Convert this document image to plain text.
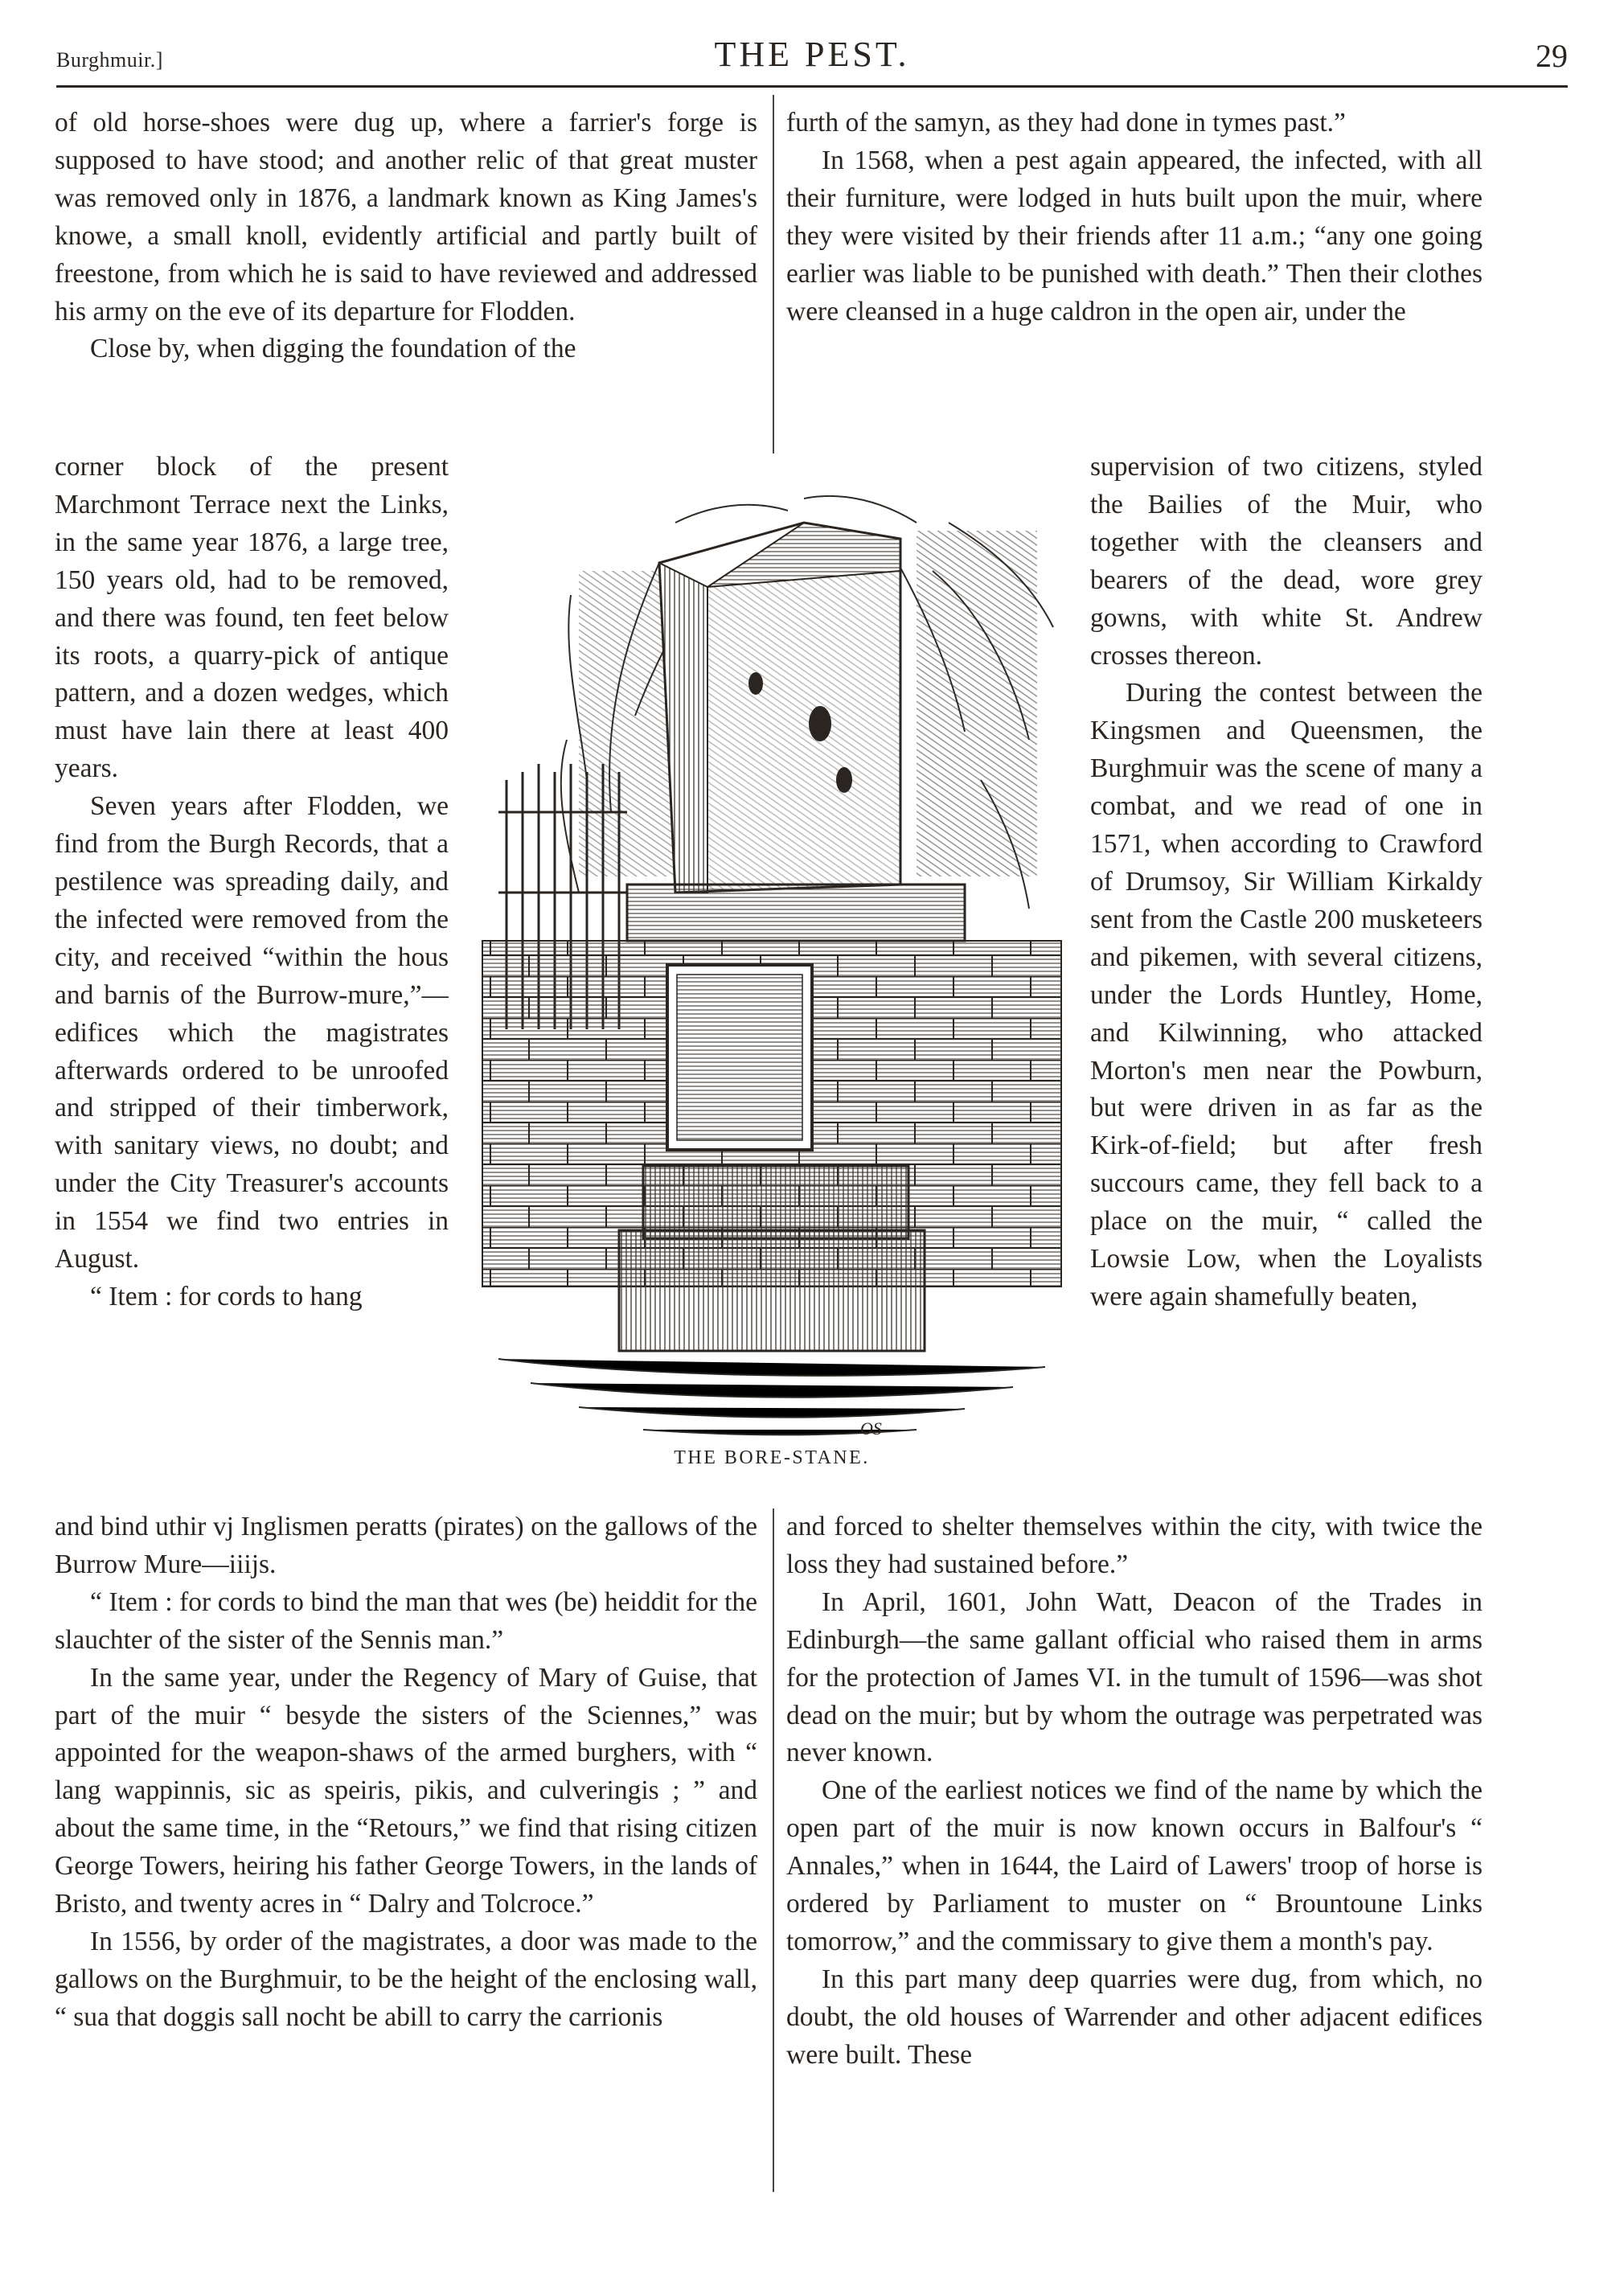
Burghmuir.]	THE PEST.	29

of old horse-shoes were dug up, where a farrier's forge is supposed to have stood; and another relic of that great muster was removed only in 1876, a landmark known as King James's knowe, a small knoll, evidently artificial and partly built of freestone, from which he is said to have reviewed and addressed his army on the eve of its departure for Flodden.

Close by, when digging the foundation of the

corner block of the present Marchmont Terrace next the Links, in the same year 1876, a large tree, 150 years old, had to be removed, and there was found, ten feet below its roots, a quarry-pick of antique pattern, and a dozen wedges, which must have lain there at least 400 years.

Seven years after Flodden, we find from the Burgh Records, that a pestilence was spreading daily, and the infected were removed from the city, and received “within the hous and barnis of the Burrow-mure,”—edifices which the magistrates afterwards ordered to be unroofed and stripped of their timberwork, with sanitary views, no doubt; and under the City Treasurer's accounts in 1554 we find two entries in August.

“ Item : for cords to hang

and bind uthir vj Inglismen peratts (pirates) on the gallows of the Burrow Mure—iiijs.

“ Item : for cords to bind the man that wes (be) heiddit for the slauchter of the sister of the Sennis man.”

In the same year, under the Regency of Mary of Guise, that part of the muir “ besyde the sisters of the Sciennes,” was appointed for the weapon-shaws of the armed burghers, with “ lang wappinnis, sic as speiris, pikis, and culveringis ; ” and about the same time, in the “Retours,” we find that rising citizen George Towers, heiring his father George Towers, in the lands of Bristo, and twenty acres in “ Dalry and Tolcroce.”

In 1556, by order of the magistrates, a door was made to the gallows on the Burghmuir, to be the height of the enclosing wall, “ sua that doggis sall nocht be abill to carry the carrionis

furth of the samyn, as they had done in tymes past.”

In 1568, when a pest again appeared, the infected, with all their furniture, were lodged in huts built upon the muir, where they were visited by their friends after 11 a.m.; “any one going earlier was liable to be punished with death.” Then their clothes were cleansed in a huge caldron in the open air, under the

supervision of two citizens, styled the Bailies of the Muir, who together with the cleansers and bearers of the dead, wore grey gowns, with white St. Andrew crosses thereon.

During the contest between the Kingsmen and Queensmen, the Burghmuir was the scene of many a combat, and we read of one in 1571, when according to Crawford of Drumsoy, Sir William Kirkaldy sent from the Castle 200 musketeers and pikemen, with several citizens, under the Lords Huntley, Home, and Kilwinning, who attacked Morton's men near the Powburn, but were driven in as far as the Kirk-of-field; but after fresh succours came, they fell back to a place on the muir, “ called the Lowsie Low, when the Loyalists were again shamefully beaten,

and forced to shelter themselves within the city, with twice the loss they had sustained before.”

In April, 1601, John Watt, Deacon of the Trades in Edinburgh—the same gallant official who raised them in arms for the protection of James VI. in the tumult of 1596—was shot dead on the muir; but by whom the outrage was perpetrated was never known.

One of the earliest notices we find of the name by which the open part of the muir is now known occurs in Balfour's “ Annales,” when in 1644, the Laird of Lawers' troop of horse is ordered by Parliament to muster on “ Brountoune Links tomorrow,” and the commissary to give them a month's pay.

In this part many deep quarries were dug, from which, no doubt, the old houses of Warrender and other adjacent edifices were built. These

OS
THE BORE-STANE.
